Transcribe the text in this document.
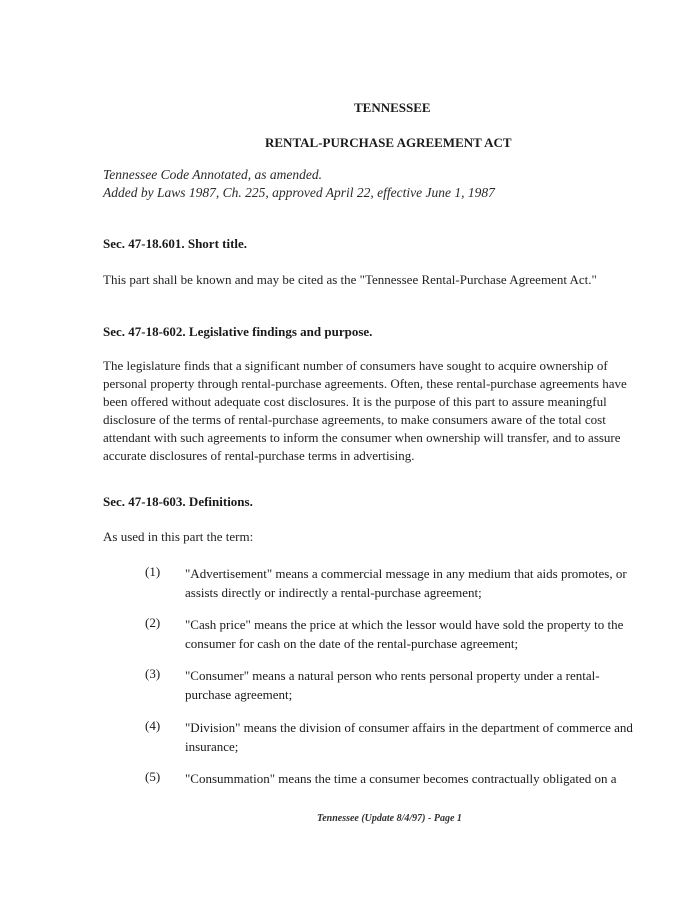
TENNESSEE
RENTAL-PURCHASE AGREEMENT ACT
Tennessee Code Annotated, as amended.
Added by Laws 1987, Ch. 225, approved April 22, effective June 1, 1987
Sec. 47-18.601. Short title.
This part shall be known and may be cited as the "Tennessee Rental-Purchase Agreement Act."
Sec. 47-18-602. Legislative findings and purpose.
The legislature finds that a significant number of consumers have sought to acquire ownership of
personal property through rental-purchase agreements. Often, these rental-purchase agreements have
been offered without adequate cost disclosures. It is the purpose of this part to assure meaningful
disclosure of the terms of rental-purchase agreements, to make consumers aware of the total cost
attendant with such agreements to inform the consumer when ownership will transfer, and to assure
accurate disclosures of rental-purchase terms in advertising.
Sec. 47-18-603. Definitions.
As used in this part the term:
(1) "Advertisement" means a commercial message in any medium that aids promotes, or
assists directly or indirectly a rental-purchase agreement;
(2) "Cash price" means the price at which the lessor would have sold the property to the
consumer for cash on the date of the rental-purchase agreement;
(3) "Consumer" means a natural person who rents personal property under a rental-
purchase agreement;
(4) "Division" means the division of consumer affairs in the department of commerce and
insurance;
(5) "Consummation" means the time a consumer becomes contractually obligated on a
Tennessee (Update 8/4/97) - Page 1
